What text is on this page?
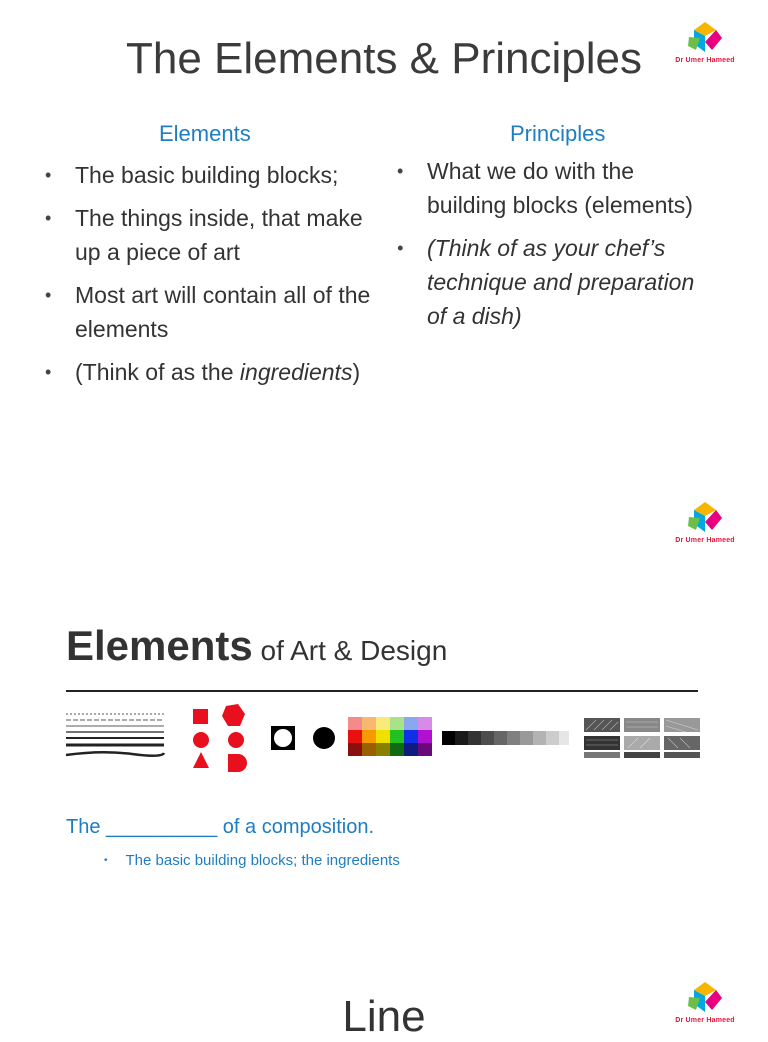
The Elements & Principles	Dr Umer Hameed
Elements	Principles
• The basic building blocks;
• The things inside, that make up a piece of art
• Most art will contain all of the elements
• (Think of as the ingredients)
• What we do with the building blocks (elements)
• (Think of as your chef’s technique and preparation of a dish)
Dr Umer Hameed
Elements of Art & Design
The __________ of a composition.
• The basic building blocks; the ingredients
Dr Umer Hameed
Line
